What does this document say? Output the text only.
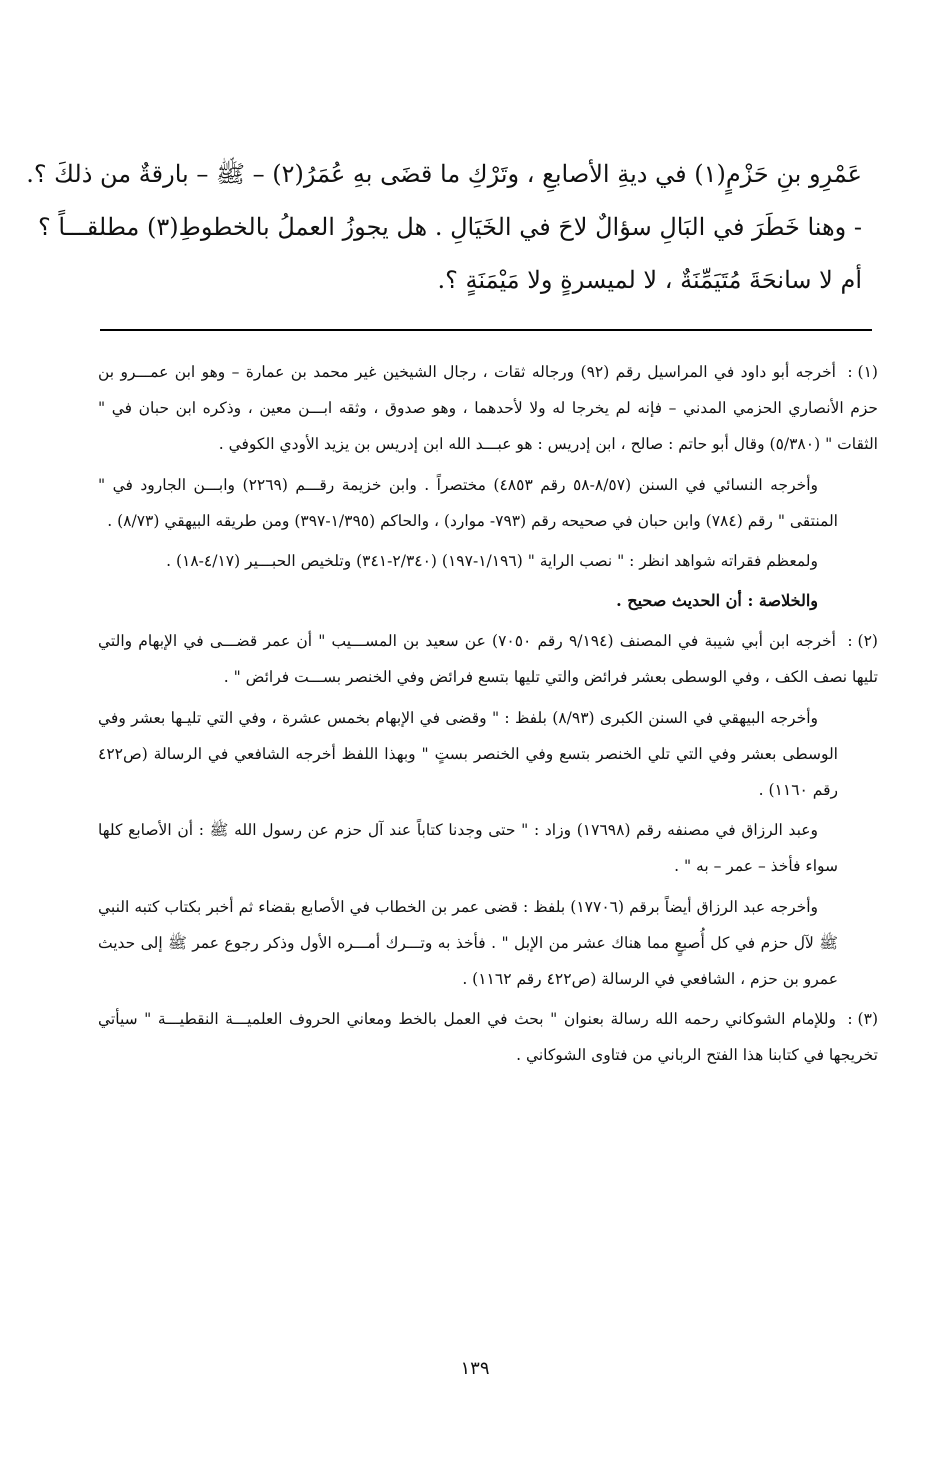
عَمْرِو بنِ حَزْمٍ(١) في ديةِ الأصابعِ ، وتَرْكِ ما قضَى بهِ عُمَرُ(٢) – ﷺ – بارقةٌ من ذلكَ ؟.

- وهنا خَطَرَ في البَالِ سؤالٌ لاحَ في الخَيَالِ . هل يجوزُ العملُ بالخطوطِ(٣) مطلقـــاً ؟

أم لا سانحَةَ مُتَيَمِّنَةٌ ، لا لميسرةٍ ولا مَيْمَنَةٍ ؟.

(١) :أخرجه أبو داود في المراسيل رقم (٩٢) ورجاله ثقات ، رجال الشيخين غير محمد بن عمارة – وهو ابن عمـــرو بن حزم الأنصاري الحزمي المدني – فإنه لم يخرجا له ولا لأحدهما ، وهو صدوق ، وثقه ابـــن معين ، وذكره ابن حبان في " الثقات " (٥/٣٨٠) وقال أبو حاتم : صالح ، ابن إدريس : هو عبـــد الله ابن إدريس بن يزيد الأودي الكوفي .

وأخرجه النسائي في السنن (٨/٥٧-٥٨ رقم ٤٨٥٣) مختصراً . وابن خزيمة رقـــم (٢٢٦٩) وابـــن الجارود في " المنتقى " رقم (٧٨٤) وابن حبان في صحيحه رقم (٧٩٣- موارد) ، والحاكم (١/٣٩٥-٣٩٧) ومن طريقه البيهقي (٨/٧٣) .

ولمعظم فقراته شواهد انظر : " نصب الراية " (١/١٩٦-١٩٧) (٢/٣٤٠-٣٤١) وتلخيص الحبـــير (٤/١٧-١٨) .

والخلاصة : أن الحديث صحيح .

(٢) :أخرجه ابن أبي شيبة في المصنف (٩/١٩٤ رقم ٧٠٥٠) عن سعيد بن المســـيب " أن عمر قضـــى في الإبهام والتي تليها نصف الكف ، وفي الوسطى بعشر فرائض والتي تليها بتسع فرائض وفي الخنصر بســـت فرائض " .

وأخرجه البيهقي في السنن الكبرى (٨/٩٣) بلفظ : " وقضى في الإبهام بخمس عشرة ، وفي التي تليـها بعشر وفي الوسطى بعشر وفي التي تلي الخنصر بتسع وفي الخنصر بستٍ " وبهذا اللفظ أخرجه الشافعي في الرسالة (ص٤٢٢ رقم ١١٦٠) .

وعبد الرزاق في مصنفه رقم (١٧٦٩٨) وزاد : " حتى وجدنا كتاباً عند آل حزم عن رسول الله ﷺ : أن الأصابع كلها سواء فأخذ – عمر – به " .

وأخرجه عبد الرزاق أيضاً برقم (١٧٧٠٦) بلفظ : قضى عمر بن الخطاب في الأصابع بقضاء ثم أخبر بكتاب كتبه النبي ﷺ لآل حزم في كل أُصبعٍ مما هناك عشر من الإبل " . فأخذ به وتـــرك أمـــره الأول وذكر رجوع عمر ﷺ إلى حديث عمرو بن حزم ، الشافعي في الرسالة (ص٤٢٢ رقم ١١٦٢) .

(٣) :وللإمام الشوكاني رحمه الله رسالة بعنوان " بحث في العمل بالخط ومعاني الحروف العلميـــة النقطيـــة " سيأتي تخريجها في كتابنا هذا الفتح الرباني من فتاوى الشوكاني .

١٣٩
